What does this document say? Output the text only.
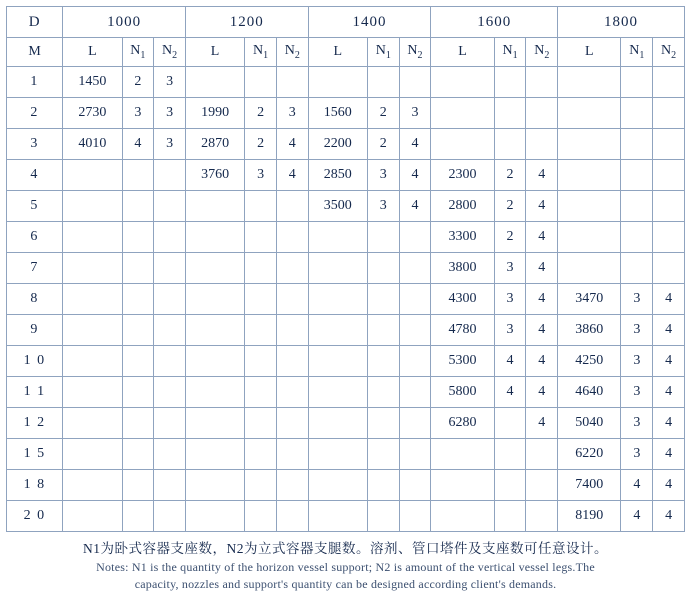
D	1000			1200			1400			1600			1800		
M	L	$N_1$	$N_2$	L	$N_1$	$N_2$	L	$N_1$	$N_2$	L	$N_1$	$N_2$	L	$N_1$	$N_2$
1	1450	2	3												
2	2730	3	3	1990	2	3	1560	2	3						
3	4010	4	3	2870	2	4	2200	2	4						
4				3760	3	4	2850	3	4	2300	2	4			
5							3500	3	4	2800	2	4			
6										3300	2	4			
7										3800	3	4			
8										4300	3	4	3470	3	4
9										4780	3	4	3860	3	4
1 0										5300	4	4	4250	3	4
1 1										5800	4	4	4640	3	4
1 2										6280		4	5040	3	4
1 5													6220	3	4
1 8													7400	4	4
2 0													8190	4	4
N1为卧式容器支座数，N2为立式容器支腿数。溶剂、管口塔件及支座数可任意设计。
Notes: N1 is the quantity of the horizon vessel support; N2 is amount of the vertical vessel legs.The
capacity, nozzles and support's quantity can be designed according client's demands.
